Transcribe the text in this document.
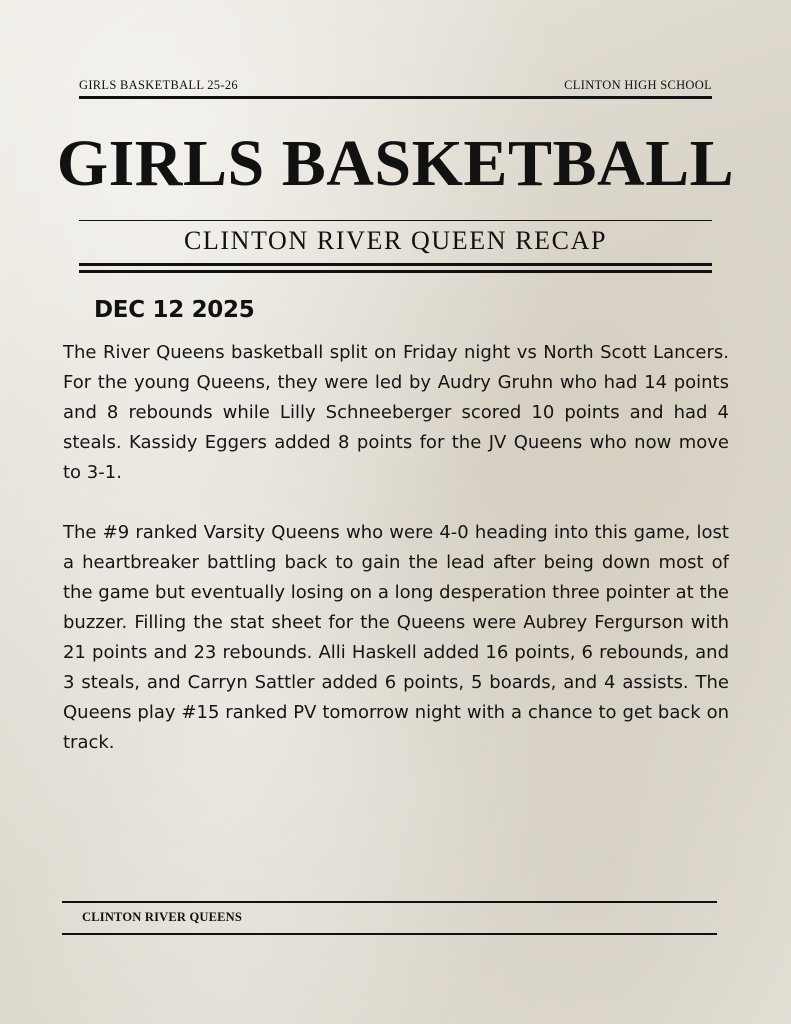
GIRLS BASKETBALL 25-26	CLINTON HIGH SCHOOL
GIRLS BASKETBALL
CLINTON RIVER QUEEN RECAP
DEC 12 2025

The River Queens basketball split on Friday night vs North Scott Lancers. For the young Queens, they were led by Audry Gruhn who had 14 points and 8 rebounds while Lilly Schneeberger scored 10 points and had 4 steals. Kassidy Eggers added 8 points for the JV Queens who now move to 3-1.

The #9 ranked Varsity Queens who were 4-0 heading into this game, lost a heartbreaker battling back to gain the lead after being down most of the game but eventually losing on a long desperation three pointer at the buzzer. Filling the stat sheet for the Queens were Aubrey Fergurson with 21 points and 23 rebounds. Alli Haskell added 16 points, 6 rebounds, and 3 steals, and Carryn Sattler added 6 points, 5 boards, and 4 assists. The Queens play #15 ranked PV tomorrow night with a chance to get back on track.

CLINTON RIVER QUEENS
